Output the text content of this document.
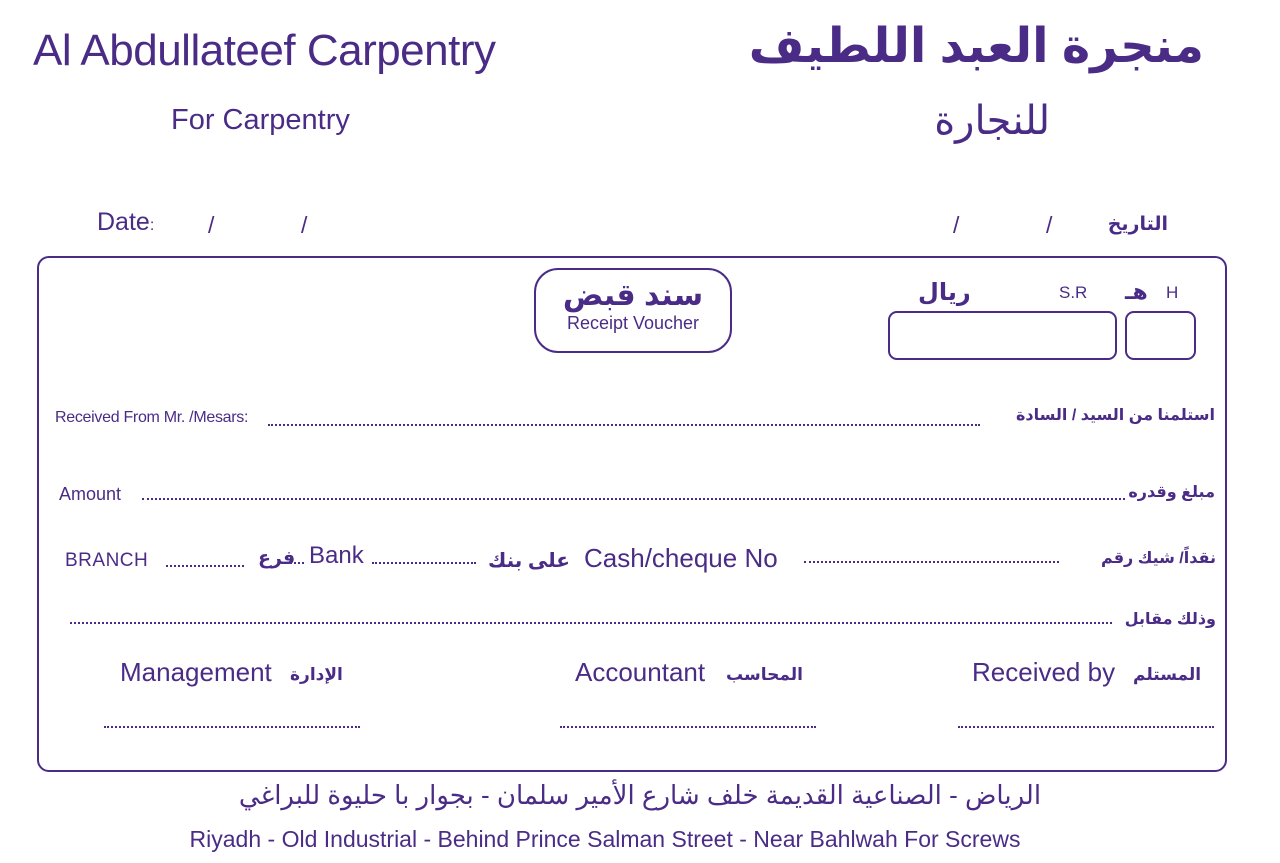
Al Abdullateef Carpentry
For Carpentry
منجرة العبد اللطيف
للنجارة
Date: /	/	/	/	التاريخ
سند قبض
Receipt Voucher
ريال	S.R هـ H
Received From Mr. /Mesars:	استلمنا من السيد / السادة
Amount	مبلغ وقدره
BRANCH	فرع Bank	على بنك Cash/cheque No	نقداً/ شيك رقم
وذلك مقابل
Management الإدارة	Accountant المحاسب	Received by المستلم
الرياض - الصناعية القديمة خلف شارع الأمير سلمان - بجوار با حليوة للبراغي
Riyadh - Old Industrial - Behind Prince Salman Street - Near Bahlwah For Screws
